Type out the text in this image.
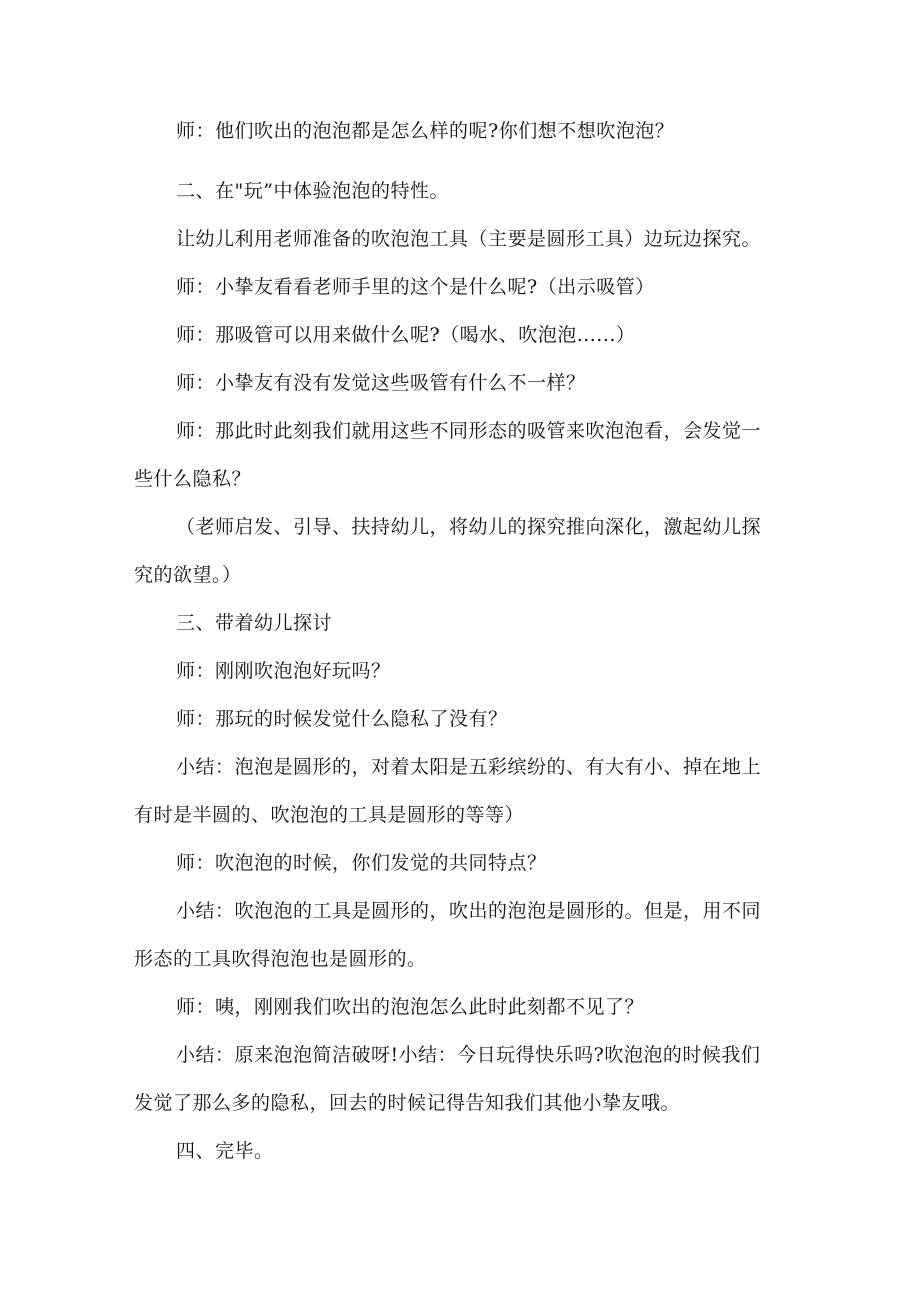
师：他们吹出的泡泡都是怎么样的呢?你们想不想吹泡泡？
二、在"玩”中体验泡泡的特性。
让幼儿利用老师准备的吹泡泡工具（主要是圆形工具）边玩边探究。
师：小挚友看看老师手里的这个是什么呢?（出示吸管）
师：那吸管可以用来做什么呢?（喝水、吹泡泡......）
师：小挚友有没有发觉这些吸管有什么不一样？
师：那此时此刻我们就用这些不同形态的吸管来吹泡泡看，会发觉一
些什么隐私？
（老师启发、引导、扶持幼儿，将幼儿的探究推向深化，激起幼儿探
究的欲望。）
三、带着幼儿探讨
师：刚刚吹泡泡好玩吗？
师：那玩的时候发觉什么隐私了没有？
小结：泡泡是圆形的，对着太阳是五彩缤纷的、有大有小、掉在地上
有时是半圆的、吹泡泡的工具是圆形的等等）
师：吹泡泡的时候，你们发觉的共同特点？
小结：吹泡泡的工具是圆形的，吹出的泡泡是圆形的。但是，用不同
形态的工具吹得泡泡也是圆形的。
师：咦，刚刚我们吹出的泡泡怎么此时此刻都不见了？
小结：原来泡泡简洁破呀!小结：今日玩得快乐吗?吹泡泡的时候我们
发觉了那么多的隐私，回去的时候记得告知我们其他小挚友哦。
四、完毕。
